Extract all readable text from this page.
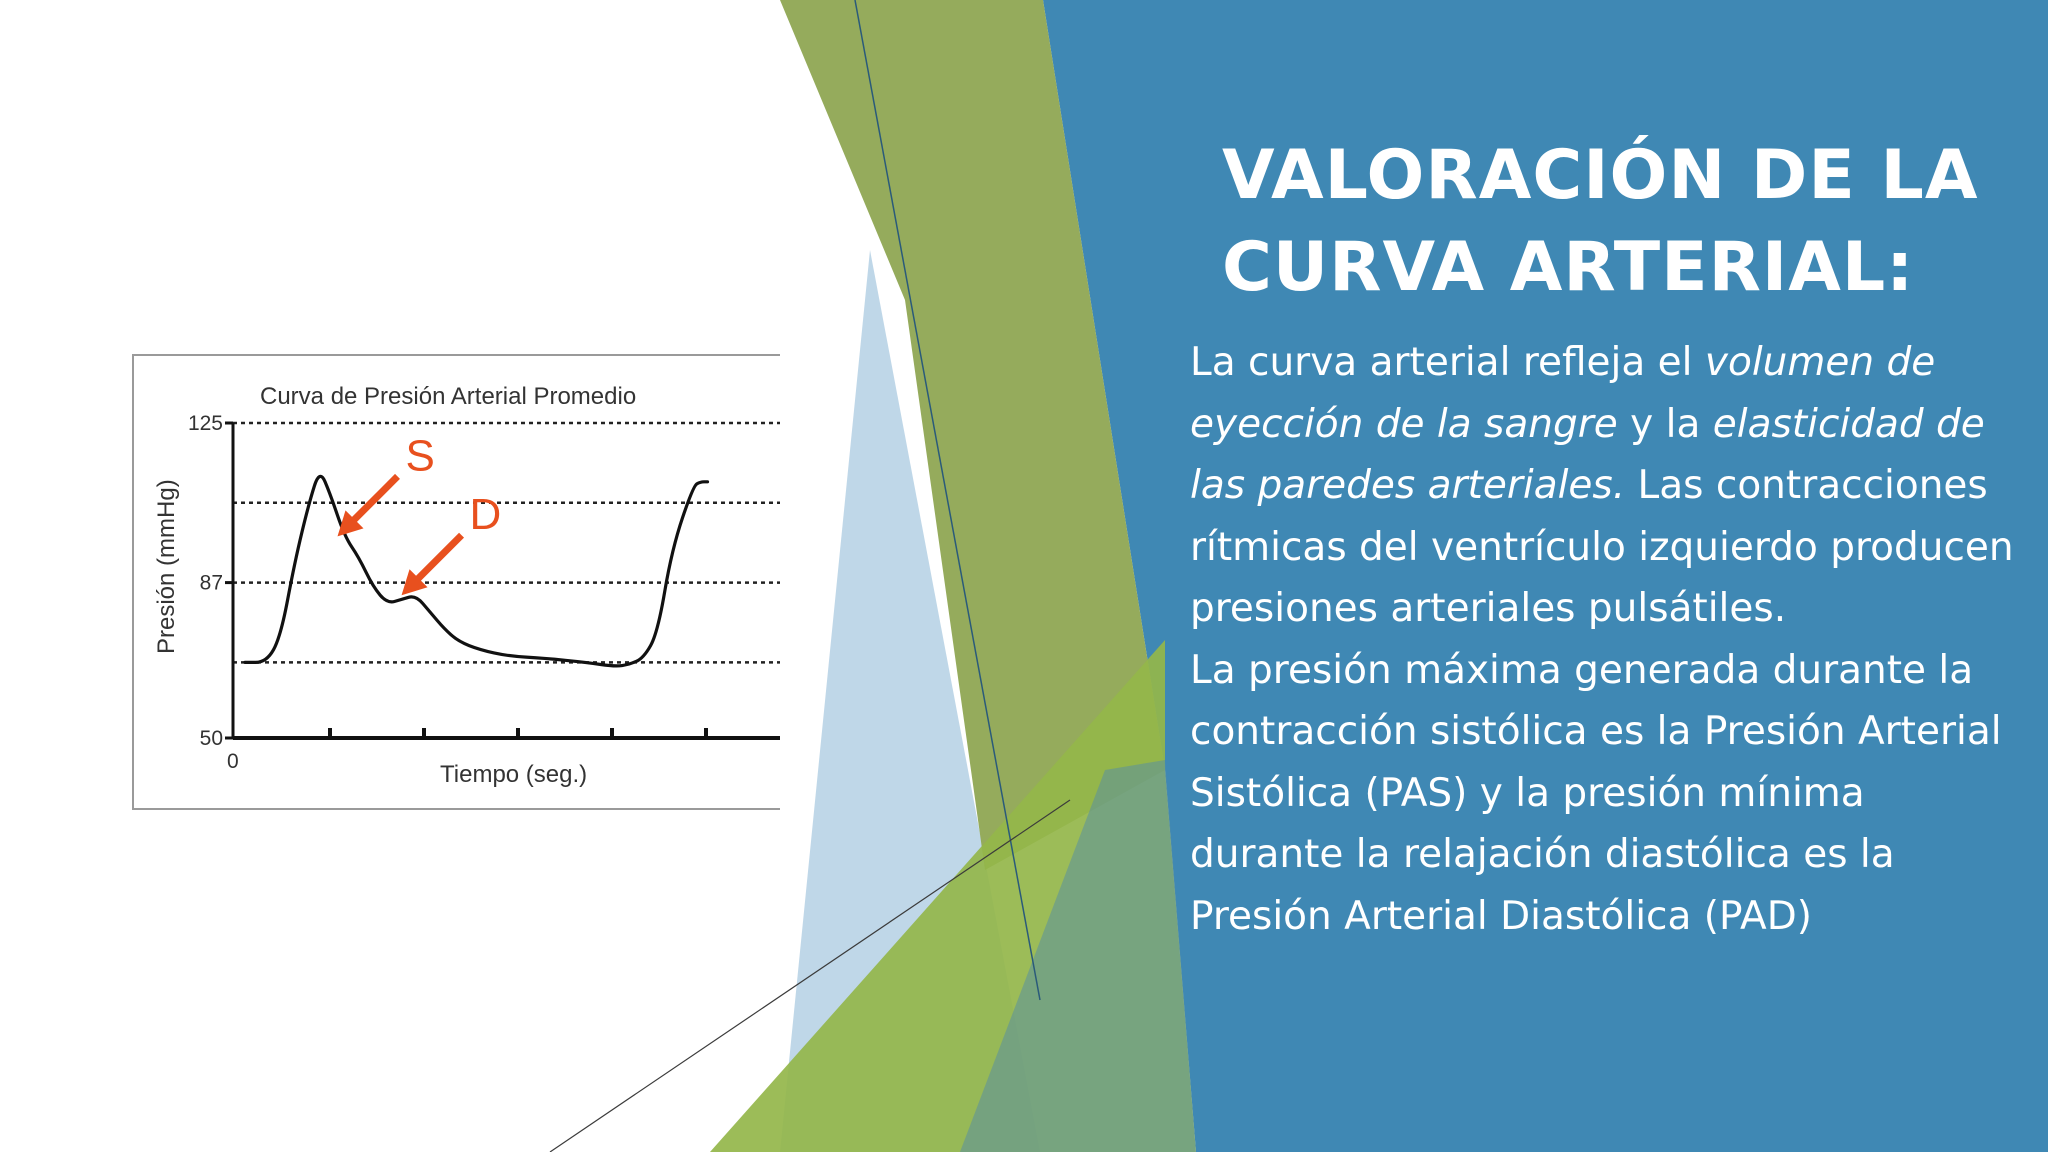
VALORACIÓN DE LA
CURVA ARTERIAL:

La curva arterial refleja el volumen de eyección de la sangre y la elasticidad de las paredes arteriales. Las contracciones rítmicas del ventrículo izquierdo producen presiones arteriales pulsátiles.

La presión máxima generada durante la contracción sistólica es la Presión Arterial Sistólica (PAS) y la presión mínima durante la relajación diastólica es la Presión Arterial Diastólica (PAD)

Curva de Presión Arterial Promedio
125
87
50
0
Presión (mmHg)
Tiempo (seg.)
S
D
